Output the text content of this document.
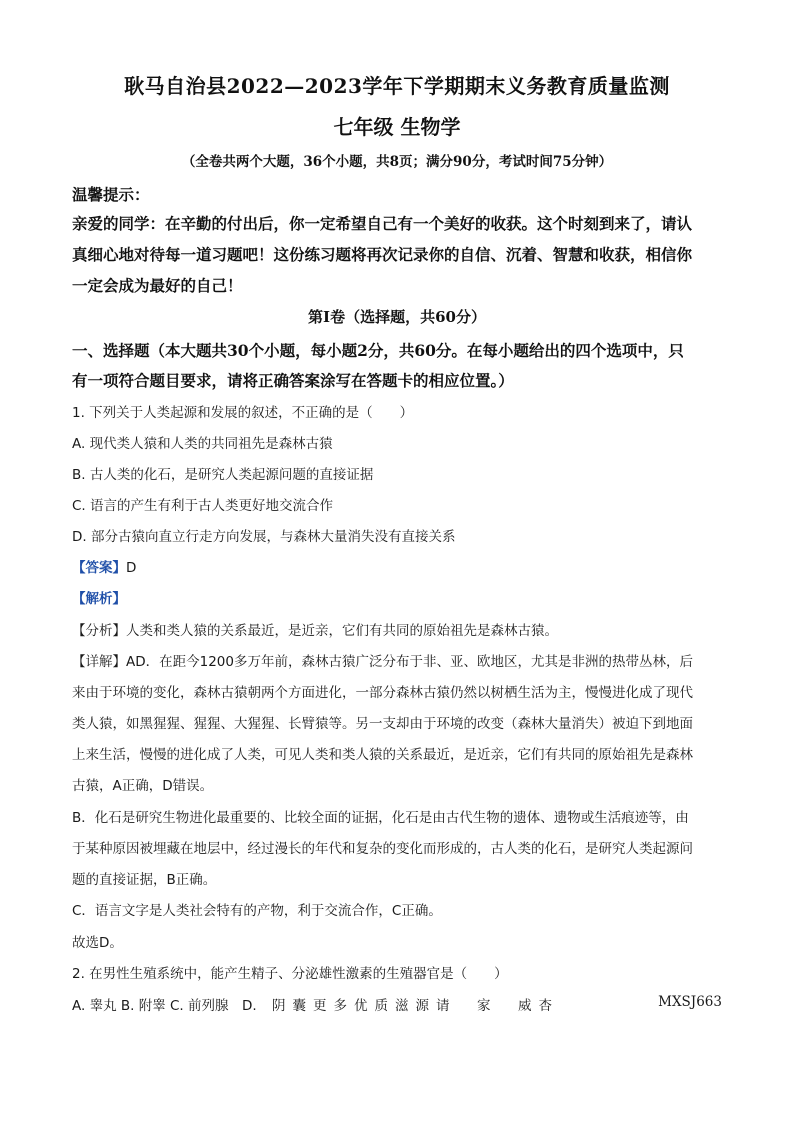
耿马自治县2022—2023学年下学期期末义务教育质量监测
七年级 生物学
（全卷共两个大题，36个小题，共8页；满分90分，考试时间75分钟）
温馨提示：
亲爱的同学：在辛勤的付出后，你一定希望自己有一个美好的收获。这个时刻到来了，请认
真细心地对待每一道习题吧！这份练习题将再次记录你的自信、沉着、智慧和收获，相信你
一定会成为最好的自己！
第Ⅰ卷（选择题，共60分）
一、选择题（本大题共30个小题，每小题2分，共60分。在每小题给出的四个选项中，只
有一项符合题目要求，请将正确答案涂写在答题卡的相应位置。）
1. 下列关于人类起源和发展的叙述，不正确的是（　　）
A. 现代类人猿和人类的共同祖先是森林古猿
B. 古人类的化石，是研究人类起源问题的直接证据
C. 语言的产生有利于古人类更好地交流合作
D. 部分古猿向直立行走方向发展，与森林大量消失没有直接关系
【答案】D
【解析】
【分析】人类和类人猿的关系最近，是近亲，它们有共同的原始祖先是森林古猿。
【详解】AD．在距今1200多万年前，森林古猿广泛分布于非、亚、欧地区，尤其是非洲的热带丛林，后
来由于环境的变化，森林古猿朝两个方面进化，一部分森林古猿仍然以树栖生活为主，慢慢进化成了现代
类人猿，如黑猩猩、猩猩、大猩猩、长臂猿等。另一支却由于环境的改变（森林大量消失）被迫下到地面
上来生活，慢慢的进化成了人类，可见人类和类人猿的关系最近，是近亲，它们有共同的原始祖先是森林
古猿，A正确，D错误。
B．化石是研究生物进化最重要的、比较全面的证据，化石是由古代生物的遗体、遗物或生活痕迹等，由
于某种原因被埋藏在地层中，经过漫长的年代和复杂的变化而形成的，古人类的化石，是研究人类起源问
题的直接证据，B正确。
C．语言文字是人类社会特有的产物，利于交流合作，C正确。
故选D。
2. 在男性生殖系统中，能产生精子、分泌雄性激素的生殖器官是（　　）
A. 睾丸 B. 附睾 C. 前列腺　D. 阴囊更多优质滋源请　家　威杏	MXSJ663
